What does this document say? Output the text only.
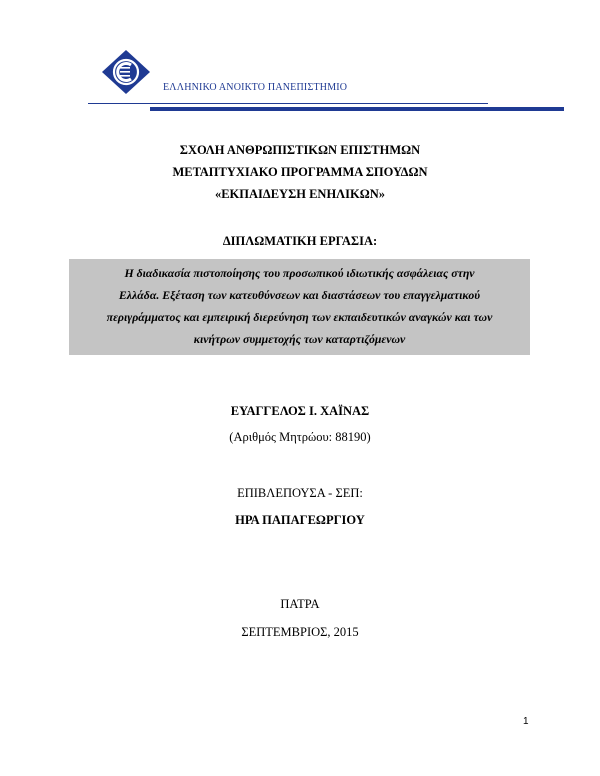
ΕΛΛΗΝΙΚΟ ΑΝΟΙΚΤΟ ΠΑΝΕΠΙΣΤΗΜΙΟ
ΣΧΟΛΗ ΑΝΘΡΩΠΙΣΤΙΚΩΝ ΕΠΙΣΤΗΜΩΝ
ΜΕΤΑΠΤΥΧΙΑΚΟ ΠΡΟΓΡΑΜΜΑ ΣΠΟΥΔΩΝ
«ΕΚΠΑΙΔΕΥΣΗ ΕΝΗΛΙΚΩΝ»
ΔΙΠΛΩΜΑΤΙΚΗ ΕΡΓΑΣΙΑ:
Η διαδικασία πιστοποίησης του προσωπικού ιδιωτικής ασφάλειας στην
Ελλάδα. Εξέταση των κατευθύνσεων και διαστάσεων του επαγγελματικού
περιγράμματος και εμπειρική διερεύνηση των εκπαιδευτικών αναγκών και των
κινήτρων συμμετοχής των καταρτιζόμενων
ΕΥΑΓΓΕΛΟΣ Ι. ΧΑΪΝΑΣ
(Αριθμός Μητρώου: 88190)
ΕΠΙΒΛΕΠΟΥΣΑ - ΣΕΠ:
ΗΡΑ ΠΑΠΑΓΕΩΡΓΙΟΥ
ΠΑΤΡΑ
ΣΕΠΤΕΜΒΡΙΟΣ, 2015
1
